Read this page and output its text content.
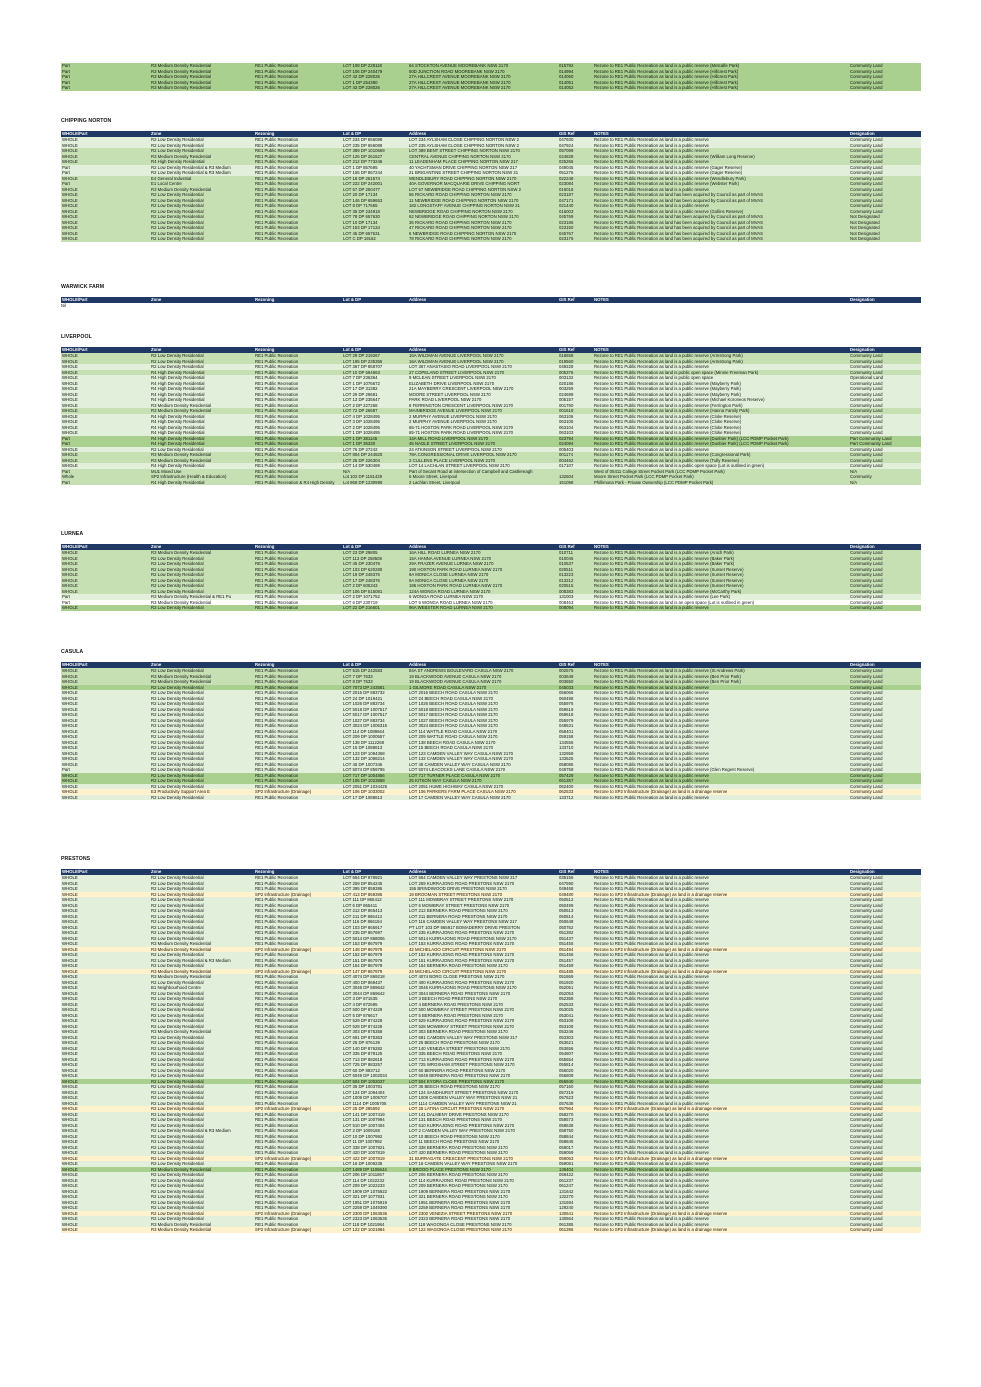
Part	R3 Medium Density Residential	RE1 Public Recreation	LOT 108 DP 228118	64 STOCKTON AVENUE MOOREBANK NSW 2170	015792	Rezone to RE1 Public Recreation as land is a public reserve (Metcalfe Park)	Community Land
Part	R3 Medium Density Residential	RE1 Public Recreation	LOT 106 DP 240479	50D JUNCTION ROAD MOOREBANK NSW 2170	014994	Rezone to RE1 Public Recreation as land is a public reserve (Hillcrest Park)	Community Land
Part	R3 Medium Density Residential	RE1 Public Recreation	LOT 42 DP 228026	27A HILLCREST AVENUE MOOREBANK NSW 2170	014050	Rezone to RE1 Public Recreation as land is a public reserve (Hillcrest Park)	Community Land
Part	R3 Medium Density Residential	RE1 Public Recreation	LOT 1 DP 254380	27A HILLCREST AVENUE MOOREBANK NSW 2170	014051	Rezone to RE1 Public Recreation as land is a public reserve (Hillcrest Park)	Community Land
Part	R3 Medium Density Residential	RE1 Public Recreation	LOT 43 DP 228026	27A HILLCREST AVENUE MOOREBANK NSW 2170	014052	Rezone to RE1 Public Recreation as land is a public reserve (Hillcrest Park)	Community Land
CHIPPING NORTON
WHOLE/Part	Zone	Rezoning	Lot & DP	Address	GIS Ref	NOTES	Designation
WHOLE	R2 Low Density Residential	RE1 Public Recreation	LOT 234 DP 656088	LOT 234 AYLSHAM CLOSE CHIPPING NORTON NSW 2	047930	Rezone to RE1 Public Recreation as land is a public reserve	Community Land
WHOLE	R2 Low Density Residential	RE1 Public Recreation	LOT 235 DP 656088	LOT 235 AYLSHAM CLOSE CHIPPING NORTON NSW 2	047924	Rezone to RE1 Public Recreation as land is a public reserve	Community Land
WHOLE	R2 Low Density Residential	RE1 Public Recreation	LOT 389 DP 1010669	LOT 389 BENT STREET CHIPPING NORTON NSW 2170	057099	Rezone to RE1 Public Recreation as land is a public reserve	Community Land
WHOLE	R3 Medium Density Residential	RE1 Public Recreation	LOT 126 DP 261527	CENTRAL AVENUE CHIPPING NORTON NSW 2170	024828	Rezone to RE1 Public Recreation as land is a public reserve (William Long Reserve)	Community Land
WHOLE	R4 High Density Residential	RE1 Public Recreation	LOT 212 DP 773246	11 LEADENHAM PLACE CHIPPING NORTON NSW 217	025266	Rezone to RE1 Public Recreation as land is a public reserve	Community Land
Part	R2 Low Density Residential & R3 Medium	RE1 Public Recreation	LOT 1 DP 857695	40 YACHTSMAN DRIVE CHIPPING NORTON NSW 217	049045	Rezone to RE1 Public Recreation as land is a public reserve (Gager Reserve)	Community Land
Part	R2 Low Density Residential & R3 Medium	RE1 Public Recreation	LOT 155 DP 867244	21 BRIGANTINE STREET CHIPPING NORTON NSW 21	051276	Rezone to RE1 Public Recreation as land is a public reserve (Gager Reserve)	Community Land
WHOLE	E4 General Industrial	RE1 Public Recreation	LOT 18 DP 261574	WENDLEBURY ROAD CHIPPING NORTON NSW 2170	022248	Rezone to RE1 Public Recreation as land is a public reserve (Wendlebury Park)	Community Land
Part	E1 Local Centre	RE1 Public Recreation	LOT 222 DP 242001	40A GOVERNOR MACQUARIE DRIVE CHIPPING NORT	023084	Rezone to RE1 Public Recreation as land is a public reserve (Webster Park)	Community Land
WHOLE	R3 Medium Density Residential	RE1 Public Recreation	LOT 57 DP 250477	LOT 57 NEWBRIDGE ROAD CHIPPING NORTON NSW 2	016018	Rezone to RE1 Public Recreation as land is a public reserve	Community Land
WHOLE	R2 Low Density Residential	RE1 Public Recreation	LOT 20 DP 17134	56 RICKARD ROAD CHIPPING NORTON NSW 2170	023187	Rezone to RE1 Public Recreation as land has been acquired by Council as part of MVAS	Community Land
WHOLE	R2 Low Density Residential	RE1 Public Recreation	LOT 146 DP 659653	11 NEWBRIDGE ROAD CHIPPING NORTON NSW 2170	047171	Rezone to RE1 Public Recreation as land has been acquired by Council as part of MVAS	Community Land
WHOLE	R2 Low Density Residential	RE1 Public Recreation	LOT 8 DP 717665	182 LONGSTAFF AVENUE CHIPPING NORTON NSW 21	021440	Rezone to RE1 Public Recreation as land is a public reserve	Community Land
WHOLE	R2 Low Density Residential	RE1 Public Recreation	LOT 35 DP 234918	NEWBRIDGE ROAD CHIPPING NORTON NSW 2170	016003	Rezone to RE1 Public Recreation as land is a public reserve (Gollins Reserve)	Community Land
WHOLE	R2 Low Density Residential	RE1 Public Recreation	LOT 78 DP 657630	62 NEWBRIDGE ROAD CHIPPING NORTON NSW 2170	045769	Rezone to RE1 Public Recreation as land has been acquired by Council as part of MVAS	Not Designated
WHOLE	R2 Low Density Residential	RE1 Public Recreation	LOT 10 DP 17134	36 RICKARD ROAD CHIPPING NORTON NSW 2170	023186	Rezone to RE1 Public Recreation as land has been acquired by Council as part of MVAS	Not Designated
WHOLE	R2 Low Density Residential	RE1 Public Recreation	LOT 153 DP 17134	47 RICKARD ROAD CHIPPING NORTON NSW 2170	023150	Rezone to RE1 Public Recreation as land has been acquired by Council as part of MVAS	Not Designated
WHOLE	R2 Low Density Residential	RE1 Public Recreation	LOT 45 DP 657631	6 NEWBRIDGE ROAD CHIPPING NORTON NSW 2170	045767	Rezone to RE1 Public Recreation as land has been acquired by Council as part of MVAS	Not Designated
WHOLE	R2 Low Density Residential	RE1 Public Recreation	LOT C DP 19162	78 RICKARD ROAD CHIPPING NORTON NSW 2170	023176	Rezone to RE1 Public Recreation as land has been acquired by Council as part of MVAS	Not Designated
WARWICK FARM
WHOLE/Part	Zone	Rezoning	Lot & DP	Address	GIS Ref	NOTES	Designation
Nil
LIVERPOOL
WHOLE/Part	Zone	Rezoning	Lot & DP	Address	GIS Ref	NOTES	Designation
WHOLE	R2 Low Density Residential	RE1 Public Recreation	LOT 29 DP 219267	16A WILDMAN AVENUE LIVERPOOL NSW 2170	018658	Rezone to RE1 Public Recreation as land is a public reserve (Armstrong Park)	Community Land
WHOLE	R2 Low Density Residential	RE1 Public Recreation	LOT 195 DP 235355	16A WILDMAN AVENUE LIVERPOOL NSW 2170	019560	Rezone to RE1 Public Recreation as land is a public reserve (Armstrong Park)	Community Land
WHOLE	R2 Low Density Residential	RE1 Public Recreation	LOT 367 DP 858707	LOT 367 ANASTASIO ROAD LIVERPOOL NSW 2170	049228	Rezone to RE1 Public Recreation as land is a public reserve	Community Land
WHOLE	R4 High Density Residential	RE1 Public Recreation	LOT 10 DP 594663	27 COPELAND STREET LIVERPOOL NSW 2170	005376	Rezone to RE1 Public Recreation as land is public open space (Minnie Freeman Park)	Community Land
WHOLE	R4 High Density Residential	RE1 Public Recreation	LOT 7 DP 236364	9 MCLEAN STREET LIVERPOOL NSW 2170	003132	Rezone to RE1 Public Recreation as land is public open space	Operational Land
WHOLE	R4 High Density Residential	RE1 Public Recreation	LOT 1 DP 1076672	ELIZABETH DRIVE LIVERPOOL NSW 2170	020186	Rezone to RE1 Public Recreation as land is a public reserve (Mayberry Park)	Community Land
WHOLE	R4 High Density Residential	RE1 Public Recreation	LOT 17 DP 31382	21A MAYBERRY CRESCENT LIVERPOOL NSW 2170	003259	Rezone to RE1 Public Recreation as land is a public reserve (Mayberry Park)	Community Land
WHOLE	R4 High Density Residential	RE1 Public Recreation	LOT 29 DP 29681	MOORE STREET LIVERPOOL NSW 2170	024689	Rezone to RE1 Public Recreation as land is a public reserve (Mayberry Park)	Community Land
WHOLE	R4 High Density Residential	RE1 Public Recreation	LOT 13 DP 235647	PARK ROAD LIVERPOOL NSW 2170	005157	Rezone to RE1 Public Recreation as land is a public reserve (Michael Koroneos Reserve)	Community Land
WHOLE	R3 Medium Density Residential	RE1 Public Recreation	LOT 2 DP 227268	8 FERRINGTON CRESCENT LIVERPOOL NSW 2170	001790	Rezone to RE1 Public Recreation as land is a public reserve (Ferrington Park)	Community Land
WHOLE	R3 Medium Density Residential	RE1 Public Recreation	LOT 72 DP 26687	MAINBRIDGE AVENUE LIVERPOOL NSW 2170	001618	Rezone to RE1 Public Recreation as land is a public reserve (Hanna Family Park)	Community Land
WHOLE	R4 High Density Residential	RE1 Public Recreation	LOT 4 DP 1028495	2 MURPHY AVENUE LIVERPOOL NSW 2170	063106	Rezone to RE1 Public Recreation as land is a public reserve (Cloke Reserve)	Community Land
WHOLE	R4 High Density Residential	RE1 Public Recreation	LOT 3 DP 1028495	2 MURPHY AVENUE LIVERPOOL NSW 2170	063105	Rezone to RE1 Public Recreation as land is a public reserve (Cloke Reserve)	Community Land
WHOLE	R4 High Density Residential	RE1 Public Recreation	LOT 2 DP 1028495	65-71 HOXTON PARK ROAD LIVERPOOL NSW 2170	063104	Rezone to RE1 Public Recreation as land is a public reserve (Cloke Reserve)	Community Land
WHOLE	R4 High Density Residential	RE1 Public Recreation	LOT 1 DP 1028495	65-71 HOXTON PARK ROAD LIVERPOOL NSW 2170	063103	Rezone to RE1 Public Recreation as land is a public reserve (Cloke Reserve)	Community Land
Part	R4 High Density Residential	RE1 Public Recreation	LOT 1 DP 381145	14A MILL ROAD LIVERPOOL NSW 2170	023794	Rezone to RE1 Public Recreation as land is a public reserve (Dunbier Park) (LCC PDMP Pocket Park)	Part Community Land
Part	R4 High Density Residential	RE1 Public Recreation	LOT 1 DP 35330	45 NAGLE STREET LIVERPOOL NSW 2170	024094	Rezone to RE1 Public Recreation as land is a public reserve (Dunbier Park) (LCC PDMP Pocket Park)	Part Community Land
WHOLE	R2 Low Density Residential	RE1 Public Recreation	LOT 76 DP 27242	24 ATKINSON STREET LIVERPOOL NSW 2170	005403	Rezone to RE1 Public Recreation as land is a public reserve	Community Land
WHOLE	R3 Medium Density Residential	RE1 Public Recreation	LOT 804 DP 244820	78A CONGRESSIONAL DRIVE LIVERPOOL NSW 2170	001174	Rezone to RE1 Public Recreation as land is a public reserve (Congressional Park)	Community Land
WHOLE	R3 Medium Density Residential	RE1 Public Recreation	LOT 25 DP 226304	2 CULLENS PLACE LIVERPOOL NSW 2170	004462	Rezone to RE1 Public Recreation as land is a public reserve (Tully Reserve)	Community Land
WHOLE	R4 High Density Residential	RE1 Public Recreation	LOT 14 DP 530489	LOT 14 LACHLAN STREET LIVERPOOL NSW 2170	017107	Rezone to RE1 Public Recreation as land is a public open space (Lot is outlined in green)	Community Land
Part	MU1 Mixed Use	RE1 Public Recreation	N/A	Part of Secant Road at intersection of Campbell and Castlereagh		West of 05411 College Street Pocket Park (LCC PDMP Pocket Park)	N/A
Whole	SP2 Infrastructure (Health & Education)	RE1 Public Recreation	Lot 102 DP 1151429	6 Moore Street, Liverpool	132604	Moore Street Pocket Park (LCC PDMP Pocket Park)	Community
Part	R4 High Density Residential	RE1 Public Recreation & R4 High Density	Lot 868 DP 1230989	2 Lachlan Street, Liverpool	151098	Phillimona Park - Private Ownership (LCC PDMP Pocket Park)	N/A
LURNEA
WHOLE/Part	Zone	Rezoning	Lot & DP	Address	GIS Ref	NOTES	Designation
WHOLE	R3 Medium Density Residential	RE1 Public Recreation	LOT 23 DP 29805	16A HILL ROAD LURNEA NSW 2170	010711	Rezone to RE1 Public Recreation as land is a public reserve (Anich Park)	Community Land
WHOLE	R2 Low Density Residential	RE1 Public Recreation	LOT 113 DP 258508	15A HANNA AVENUE LURNEA NSW 2170	010046	Rezone to RE1 Public Recreation as land is a public reserve (Baker Park)	Community Land
WHOLE	R2 Low Density Residential	RE1 Public Recreation	LOT 45 DP 230478	29A FRAZER AVENUE LURNEA NSW 2170	010537	Rezone to RE1 Public Recreation as land is a public reserve (Baker Park)	Community Land
WHOLE	R2 Low Density Residential	RE1 Public Recreation	LOT 103 DP 620280	190 HOXTON PARK ROAD LURNEA NSW 2170	020511	Rezone to RE1 Public Recreation as land is a public reserve (Sunset Reserve)	Community Land
WHOLE	R2 Low Density Residential	RE1 Public Recreation	LOT 19 DP 248376	9A MONICA CLOSE LURNEA NSW 2170	013223	Rezone to RE1 Public Recreation as land is a public reserve (Sunset Reserve)	Community Land
WHOLE	R2 Low Density Residential	RE1 Public Recreation	LOT 17 DP 248376	9A MONICA CLOSE LURNEA NSW 2170	013212	Rezone to RE1 Public Recreation as land is a public reserve (Sunset Reserve)	Community Land
WHOLE	R2 Low Density Residential	RE1 Public Recreation	LOT 2 DP 605343	186 HOXTON PARK ROAD LURNEA NSW 2170	020515	Rezone to RE1 Public Recreation as land is a public reserve (Sunset Reserve)	Community Land
WHOLE	R2 Low Density Residential	RE1 Public Recreation	LOT 106 DP 515081	124A WONGA ROAD LURNEA NSW 2170	008383	Rezone to RE1 Public Recreation as land is a public reserve (McCarthy Park)	Community Land
Part	R3 Medium Density Residential & RE1 Pu	RE1 Public Recreation	LOT 2 DP 1071752	6 WONGA ROAD LURNEA NSW 2170	131003	Rezone to RE1 Public Recreation as land is a public reserve (Lee Park)	Community Land
Part	R3 Medium Density Residential	RE1 Public Recreation	LOT 6 DP 230719	LOT 6 WONGA ROAD LURNEA NSW 2170	008463	Rezone to RE1 Public Recreation as land is an open space (Lot is outlined in green)	Community Land
WHOLE	R2 Low Density Residential	RE1 Public Recreation	LOT 22 DP 216601	96A WEBSTER ROAD LURNEA NSW 2170	008094	Rezone to RE1 Public Recreation as land is a public reserve	Community Land
CASULA
WHOLE/Part	Zone	Rezoning	Lot & DP	Address	GIS Ref	NOTES	Designation
WHOLE	R2 Low Density Residential	RE1 Public Recreation	LOT 515 DP 242583	84A ST ANDREWS BOULEVARD CASULA NSW 2170	002575	Rezone to RE1 Public Recreation as land is a public reserve (St Andrews Park)	Community Land
WHOLE	R3 Medium Density Residential	RE1 Public Recreation	LOT 7 DP 7633	19 BLACKWOOD AVENUE CASULA NSW 2170	003649	Rezone to RE1 Public Recreation as land is a public reserve (Ben Prior Park)	Community Land
WHOLE	R3 Medium Density Residential	RE1 Public Recreation	LOT 8 DP 7633	19 BLACKWOOD AVENUE CASULA NSW 2170	003650	Rezone to RE1 Public Recreation as land is a public reserve (Ben Prior Park)	Community Land
WHOLE	R2 Low Density Residential	RE1 Public Recreation	LOT 7073 DP 243581	1 GILMORE ROAD CASULA NSW 2170	045033	Rezone to RE1 Public Recreation as land is a public reserve	Community Land
WHOLE	R2 Low Density Residential	RE1 Public Recreation	LOT 2016 DP 883732	LOT 2016 BEECH ROAD CASULA NSW 2170	056066	Rezone to RE1 Public Recreation as land is a public reserve	Community Land
WHOLE	R2 Low Density Residential	RE1 Public Recreation	LOT 24 DP 1019421	LOT 24 BEECH ROAD CASULA NSW 2170	060498	Rezone to RE1 Public Recreation as land is a public reserve	Community Land
WHOLE	R2 Low Density Residential	RE1 Public Recreation	LOT 1026 DP 883734	LOT 1026 BEECH ROAD CASULA NSW 2170	055976	Rezone to RE1 Public Recreation as land is a public reserve	Community Land
WHOLE	R2 Low Density Residential	RE1 Public Recreation	LOT 5018 DP 1007517	LOT 5018 BEECH ROAD CASULA NSW 2170	059619	Rezone to RE1 Public Recreation as land is a public reserve	Community Land
WHOLE	R2 Low Density Residential	RE1 Public Recreation	LOT 5017 DP 1007517	LOT 5017 BEECH ROAD CASULA NSW 2170	059618	Rezone to RE1 Public Recreation as land is a public reserve	Community Land
WHOLE	R2 Low Density Residential	RE1 Public Recreation	LOT 1027 DP 883734	LOT 1027 BEECH ROAD CASULA NSW 2170	055979	Rezone to RE1 Public Recreation as land is a public reserve	Community Land
WHOLE	R2 Low Density Residential	RE1 Public Recreation	LOT 3024 DP 1005315	LOT 3024 BEECH ROAD CASULA NSW 2170	048531	Rezone to RE1 Public Recreation as land is a public reserve	Community Land
WHOLE	R2 Low Density Residential	RE1 Public Recreation	LOT 114 DP 1089664	LOT 114 WATTLE ROAD CASULA NSW 2170	058401	Rezone to RE1 Public Recreation as land is a public reserve	Community Land
WHOLE	R2 Low Density Residential	RE1 Public Recreation	LOT 209 DP 1000557	LOT 209 WATTLE ROAD CASULA NSW 2170	059158	Rezone to RE1 Public Recreation as land is a public reserve	Community Land
WHOLE	R2 Low Density Residential	RE1 Public Recreation	LOT 138 DP 1112268	LOT 138 BEECH ROAD CASULA NSW 2170	134556	Rezone to RE1 Public Recreation as land is a public reserve	Community Land
WHOLE	R2 Low Density Residential	RE1 Public Recreation	LOT 15 DP 1088613	LOT 15 BEECH ROAD CASULA NSW 2170	133710	Rezone to RE1 Public Recreation as land is a public reserve	Community Land
WHOLE	R2 Low Density Residential	RE1 Public Recreation	LOT 123 DP 1094368	LOT 123 CAMDEN VALLEY WAY CASULA NSW 2170	132959	Rezone to RE1 Public Recreation as land is a public reserve	Community Land
WHOLE	R2 Low Density Residential	RE1 Public Recreation	LOT 132 DP 1098214	LOT 132 CAMDEN VALLEY WAY CASULA NSW 2170	133525	Rezone to RE1 Public Recreation as land is a public reserve	Community Land
WHOLE	R2 Low Density Residential	RE1 Public Recreation	LOT 45 DP 1007346	LOT 45 CAMDEN VALLEY WAY CASULA NSW 2170	058085	Rezone to RE1 Public Recreation as land is a public reserve	Community Land
Part	R2 Low Density Residential	RE1 Public Recreation	LOT 5074 DP 859795	LOT 5074 LEACOCKS LANE CASULA NSW 2170	049759	Rezone to RE1 Public Recreation as land is a public reserve (Glen Regent Reserve)	Community Land
WHOLE	R2 Low Density Residential	RE1 Public Recreation	LOT 717 DP 1004856	LOT 717 TURNER PLACE CASULA NSW 2170	057429	Rezone to RE1 Public Recreation as land is a public reserve	Community Land
WHOLE	R2 Low Density Residential	RE1 Public Recreation	LOT 105 DP 1023868	25 KITSON WAY CASULA NSW 2170	061357	Rezone to RE1 Public Recreation as land is a public reserve	Community Land
WHOLE	R2 Low Density Residential	RE1 Public Recreation	LOT 2051 DP 1034425	LOT 2051 HUME HIGHWAY CASULA NSW 2170	062400	Rezone to RE1 Public Recreation as land is a public reserve	Community Land
WHOLE	E3 Productivity Support Area E	SP2 Infrastructure (Drainage)	LOT 106 DP 1033002	LOT 106 PARKERS FARM PLACE CASULA NSW 2170	062533	Rezone to SP2 Infrastructure (Drainage) as land is a drainage reserve	Community Land
WHOLE	R2 Low Density Residential	RE1 Public Recreation	LOT 17 DP 1088613	LOT 17 CAMDEN VALLEY WAY CASULA NSW 2170	133712	Rezone to RE1 Public Recreation as land is a public reserve	Community Land
PRESTONS
WHOLE/Part	Zone	Rezoning	Lot & DP	Address	GIS Ref	NOTES	Designation
WHOLE	R2 Low Density Residential	RE1 Public Recreation	LOT 664 DP 878921	LOT 664 CAMDEN VALLEY WAY PRESTONS NSW 217	035156	Rezone to RE1 Public Recreation as land is a public reserve	Community Land
WHOLE	R2 Low Density Residential	RE1 Public Recreation	LOT 259 DP 854245	LOT 259 KURRAJONG ROAD PRESTONS NSW 2170	047590	Rezone to RE1 Public Recreation as land is a public reserve	Community Land
WHOLE	R2 Low Density Residential	RE1 Public Recreation	LOT 395 DP 859395	155 BRINDIWOOD DRIVE PRESTONS NSW 2170	049468	Rezone to RE1 Public Recreation as land is a public reserve	Community Land
WHOLE	R2 Low Density Residential	SP2 Infrastructure (Drainage)	LOT 413 DP 859395	19 BROOMAN STREET PRESTONS NSW 2170	049480	Rezone to SP2 Infrastructure (Drainage) as land is a drainage reserve	Community Land
WHOLE	R2 Low Density Residential	RE1 Public Recreation	LOT 111 DP 865412	LOT 111 MOWBRAY STREET PRESTONS NSW 2170	050512	Rezone to RE1 Public Recreation as land is a public reserve	Community Land
WHOLE	R2 Low Density Residential	RE1 Public Recreation	LOT 6 DP 865411	LOT 6 MOWBRAY STREET PRESTONS NSW 2170	050499	Rezone to RE1 Public Recreation as land is a public reserve	Community Land
WHOLE	R2 Low Density Residential	RE1 Public Recreation	LOT 212 DP 865413	LOT 212 BERNERA ROAD PRESTONS NSW 2170	050513	Rezone to RE1 Public Recreation as land is a public reserve	Community Land
WHOLE	R2 Low Density Residential	RE1 Public Recreation	LOT 211 DP 865413	LOT 211 BERNERA ROAD PRESTONS NSW 2170	050514	Rezone to RE1 Public Recreation as land is a public reserve	Community Land
WHOLE	R2 Low Density Residential	RE1 Public Recreation	LOT 116 DP 866154	LOT 116 CAMDEN VALLEY WAY PRESTONS NSW 217	050648	Rezone to RE1 Public Recreation as land is a public reserve	Community Land
WHOLE	R2 Low Density Residential	RE1 Public Recreation	LOT 103 DP 865917	PT LOT 103 DP 865917 BOMADERRY DRIVE PRESTON	050762	Rezone to RE1 Public Recreation as land is a public reserve	Community Land
WHOLE	R2 Low Density Residential	RE1 Public Recreation	LOT 235 DP 867697	LOT 235 KURRAJONG ROAD PRESTONS NSW 2170	051382	Rezone to RE1 Public Recreation as land is a public reserve	Community Land
WHOLE	R2 Low Density Residential	RE1 Public Recreation	LOT 5014 DP 868006	LOT 5014 KURRAJONG ROAD PRESTONS NSW 2170	051437	Rezone to RE1 Public Recreation as land is a public reserve	Community Land
WHOLE	R3 Medium Density Residential	RE1 Public Recreation	LOT 153 DP 867979	LOT 153 KURRAJONG ROAD PRESTONS NSW 2170	051455	Rezone to RE1 Public Recreation as land is a public reserve	Community Land
WHOLE	R3 Medium Density Residential	SP2 Infrastructure (Drainage)	LOT 148 DP 867979	42 MICHELAGO CIRCUIT PRESTONS NSW 2170	051494	Rezone to SP2 Infrastructure (Drainage) as land is a drainage reserve	Community Land
WHOLE	R2 Low Density Residential	RE1 Public Recreation	LOT 152 DP 867979	LOT 152 KURRAJONG ROAD PRESTONS NSW 2170	051456	Rezone to RE1 Public Recreation as land is a public reserve	Community Land
WHOLE	R2 Low Density Residential & R3 Medium	RE1 Public Recreation	LOT 151 DP 867979	LOT 151 KURRAJONG ROAD PRESTONS NSW 2170	051457	Rezone to RE1 Public Recreation as land is a public reserve	Community Land
WHOLE	R2 Low Density Residential	RE1 Public Recreation	LOT 154 DP 867979	LOT 154 BERNERA ROAD PRESTONS NSW 2170	051459	Rezone to RE1 Public Recreation as land is a public reserve	Community Land
WHOLE	R3 Medium Density Residential	SP2 Infrastructure (Drainage)	LOT 147 DP 867979	24 MICHELAGO CIRCUIT PRESTONS NSW 2170	051485	Rezone to SP2 Infrastructure (Drainage) as land is a drainage reserve	Community Land
WHOLE	R3 Medium Density Residential	RE1 Public Recreation	LOT 4074 DP 869218	LOT 4074 BORG CLOSE PRESTONS NSW 2170	051869	Rezone to RE1 Public Recreation as land is a public reserve	Community Land
WHOLE	R2 Low Density Residential	RE1 Public Recreation	LOT 400 DP 869437	LOT 400 KURRAJONG ROAD PRESTONS NSW 2170	051920	Rezone to RE1 Public Recreation as land is a public reserve	Community Land
WHOLE	B1 Neighbourhood Centre	RE1 Public Recreation	LOT 3046 DP 869642	LOT 3046 KURRAJONG ROAD PRESTONS NSW 2170	052051	Rezone to RE1 Public Recreation as land is a public reserve	Community Land
WHOLE	R2 Low Density Residential	RE1 Public Recreation	LOT 3044 DP 869642	LOT 3044 BERNERA ROAD PRESTONS NSW 2170	052053	Rezone to RE1 Public Recreation as land is a public reserve	Community Land
WHOLE	R2 Low Density Residential	RE1 Public Recreation	LOT 3 DP 871535	LOT 3 BEECH ROAD PRESTONS NSW 2170	052358	Rezone to RE1 Public Recreation as land is a public reserve	Community Land
WHOLE	R2 Low Density Residential	RE1 Public Recreation	LOT 4 DP 872695	LOT 4 BERNERA ROAD PRESTONS NSW 2170	052533	Rezone to RE1 Public Recreation as land is a public reserve	Community Land
WHOLE	R2 Low Density Residential	RE1 Public Recreation	LOT 500 DP 874229	LOT 500 MOWBRAY STREET PRESTONS NSW 2170	053025	Rezone to RE1 Public Recreation as land is a public reserve	Community Land
WHOLE	R2 Low Density Residential	RE1 Public Recreation	LOT 5 DP 876617	LOT 5 BERNERA ROAD PRESTONS NSW 2170	053041	Rezone to RE1 Public Recreation as land is a public reserve	Community Land
WHOLE	R2 Low Density Residential	RE1 Public Recreation	LOT 529 DP 874228	LOT 529 KURRAJONG ROAD PRESTONS NSW 2170	053109	Rezone to RE1 Public Recreation as land is a public reserve	Community Land
WHOLE	R2 Low Density Residential	RE1 Public Recreation	LOT 528 DP 874228	LOT 528 MOWBRAY STREET PRESTONS NSW 2170	053108	Rezone to RE1 Public Recreation as land is a public reserve	Community Land
WHOLE	R3 Medium Density Residential	RE1 Public Recreation	LOT 303 DP 875358	LOT 303 BERNERA ROAD PRESTONS NSW 2170	053246	Rezone to RE1 Public Recreation as land is a public reserve	Community Land
WHOLE	R2 Low Density Residential	RE1 Public Recreation	LOT 691 DP 875363	LOT 691 CAMDEN VALLEY WAY PRESTONS NSW 217	053303	Rezone to RE1 Public Recreation as land is a public reserve	Community Land
WHOLE	R2 Low Density Residential	RE1 Public Recreation	LOT 25 DP 876139	LOT 25 BEECH ROAD PRESTONS NSW 2170	053621	Rezone to RE1 Public Recreation as land is a public reserve	Community Land
WHOLE	R2 Low Density Residential	RE1 Public Recreation	LOT 140 DP 876282	LOT 140 VENEZIA STREET PRESTONS NSW 2170	053656	Rezone to RE1 Public Recreation as land is a public reserve	Community Land
WHOLE	R2 Low Density Residential	RE1 Public Recreation	LOT 335 DP 879125	LOT 335 BEECH ROAD PRESTONS NSW 2170	054807	Rezone to RE1 Public Recreation as land is a public reserve	Community Land
WHOLE	R2 Low Density Residential	RE1 Public Recreation	LOT 713 DP 882618	LOT 713 KURRAJONG ROAD PRESTONS NSW 2170	055654	Rezone to RE1 Public Recreation as land is a public reserve	Community Land
WHOLE	R2 Low Density Residential	RE1 Public Recreation	LOT 725 DP 883257	LOT 725 WROXHAM STREET PRESTONS NSW 2170	055814	Rezone to RE1 Public Recreation as land is a public reserve	Community Land
WHOLE	R2 Low Density Residential	RE1 Public Recreation	LOT 60 DP 883712	LOT 60 BERNERA ROAD PRESTONS NSW 2170	056020	Rezone to RE1 Public Recreation as land is a public reserve	Community Land
WHOLE	R2 Low Density Residential	RE1 Public Recreation	LOT 6049 DP 1002034	LOT 6049 BERNERA ROAD PRESTONS NSW 2170	056808	Rezone to RE1 Public Recreation as land is a public reserve	Community Land
WHOLE	R2 Low Density Residential	RE1 Public Recreation	LOT 504 DP 1002037	LOT 504 KYORA CLOSE PRESTONS NSW 2170	056940	Rezone to RE1 Public Recreation as land is a public reserve	Community Land
WHOLE	R2 Low Density Residential	RE1 Public Recreation	LOT 35 DP 1003781	LOT 35 BEECH ROAD PRESTONS NSW 2170	057160	Rezone to RE1 Public Recreation as land is a public reserve	Community Land
WHOLE	R2 Low Density Residential	RE1 Public Recreation	LOT 124 DP 1094404	LOT 124 SANDHURST STREET PRESTONS NSW 2170	057219	Rezone to RE1 Public Recreation as land is a public reserve	Community Land
WHOLE	R2 Low Density Residential	RE1 Public Recreation	LOT 1009 DP 1005707	LOT 1009 CAMDEN VALLEY WAY PRESTONS NSW 21	057623	Rezone to RE1 Public Recreation as land is a public reserve	Community Land
WHOLE	R2 Low Density Residential	RE1 Public Recreation	LOT 1114 DP 1005705	LOT 1114 CAMDEN VALLEY WAY PRESTONS NSW 21	057638	Rezone to RE1 Public Recreation as land is a public reserve	Community Land
WHOLE	R2 Low Density Residential	SP2 Infrastructure (Drainage)	LOT 25 DP 285592	LOT 25 LATINA CIRCUIT PRESTONS NSW 2170	057964	Rezone to SP2 Infrastructure (Drainage) as land is a drainage reserve	Community Land
WHOLE	R2 Low Density Residential	RE1 Public Recreation	LOT 141 DP 1007419	LOT 141 DALMENY DRIVE PRESTONS NSW 2170	058270	Rezone to RE1 Public Recreation as land is a public reserve	Community Land
WHOLE	R2 Low Density Residential	RE1 Public Recreation	LOT 131 DP 1007994	LOT 131 BEECH ROAD PRESTONS NSW 2170	058573	Rezone to RE1 Public Recreation as land is a public reserve	Community Land
WHOLE	R2 Low Density Residential	RE1 Public Recreation	LOT 510 DP 1007404	LOT 510 KURRAJONG ROAD PRESTONS NSW 2170	058638	Rezone to RE1 Public Recreation as land is a public reserve	Community Land
WHOLE	R2 Low Density Residential & R3 Medium	RE1 Public Recreation	LOT 2 DP 1009168	LOT 2 CAMDEN VALLEY WAY PRESTONS NSW 2170	058750	Rezone to RE1 Public Recreation as land is a public reserve	Community Land
WHOLE	R2 Low Density Residential	RE1 Public Recreation	LOT 10 DP 1007992	LOT 10 BEECH ROAD PRESTONS NSW 2170	058844	Rezone to RE1 Public Recreation as land is a public reserve	Community Land
WHOLE	R2 Low Density Residential	RE1 Public Recreation	LOT 11 DP 1007992	LOT 11 BEECH ROAD PRESTONS NSW 2170	058845	Rezone to RE1 Public Recreation as land is a public reserve	Community Land
WHOLE	R2 Low Density Residential	RE1 Public Recreation	LOT 338 DP 1007821	LOT 338 BERNERA ROAD PRESTONS NSW 2170	059017	Rezone to RE1 Public Recreation as land is a public reserve	Community Land
WHOLE	R2 Low Density Residential	RE1 Public Recreation	LOT 420 DP 1007819	LOT 420 BERNERA ROAD PRESTONS NSW 2170	059059	Rezone to RE1 Public Recreation as land is a public reserve	Community Land
WHOLE	R2 Low Density Residential	SP2 Infrastructure (Drainage)	LOT 422 DP 1007819	31 BURRAGATE CRESCENT PRESTONS NSW 2170	059063	Rezone to SP2 Infrastructure (Drainage) as land is a drainage reserve	Community Land
WHOLE	R2 Low Density Residential	RE1 Public Recreation	LOT 16 DP 1009238	LOT 16 CAMDEN VALLEY WAY PRESTONS NSW 2170	059081	Rezone to RE1 Public Recreation as land is a public reserve	Community Land
WHOLE	R3 Medium Density Residential	RE1 Public Recreation	LOT 1489 DP 1106644	8 BROOO PLACE PRESTONS NSW 2170	139404	Rezone to RE1 Public Recreation as land is a public reserve	Community Land
WHOLE	R2 Low Density Residential	RE1 Public Recreation	LOT 206 DP 1011867	LOT 206 BERNERA ROAD PRESTONS NSW 2170	059422	Rezone to RE1 Public Recreation as land is a public reserve	Community Land
WHOLE	R2 Low Density Residential	RE1 Public Recreation	LOT 114 DP 1022232	LOT 114 KURRAJONG ROAD PRESTONS NSW 2170	061237	Rezone to RE1 Public Recreation as land is a public reserve	Community Land
WHOLE	R2 Low Density Residential	RE1 Public Recreation	LOT 209 DP 1022233	LOT 209 BERNERA ROAD PRESTONS NSW 2170	061247	Rezone to RE1 Public Recreation as land is a public reserve	Community Land
WHOLE	R2 Low Density Residential	RE1 Public Recreation	LOT 1909 DP 1075922	LOT 1909 BERNERA ROAD PRESTONS NSW 2170	131642	Rezone to RE1 Public Recreation as land is a public reserve	Community Land
WHOLE	R2 Low Density Residential	RE1 Public Recreation	LOT 321 DP 1077931	LOT 321 BERNERA ROAD PRESTONS NSW 2170	132270	Rezone to RE1 Public Recreation as land is a public reserve	Community Land
WHOLE	R2 Low Density Residential	RE1 Public Recreation	LOT 1951 DP 1075919	LOT 1951 BERNERA ROAD PRESTONS NSW 2170	131694	Rezone to RE1 Public Recreation as land is a public reserve	Community Land
WHOLE	R2 Low Density Residential	RE1 Public Recreation	LOT 2259 DP 1049390	LOT 2259 BERNERA ROAD PRESTONS NSW 2170	129240	Rezone to RE1 Public Recreation as land is a public reserve	Community Land
WHOLE	R2 Low Density Residential	SP2 Infrastructure (Drainage)	LOT 2300 DP 1063536	LOT 2300 VENEZIA STREET PRESTONS NSW 2170	130641	Rezone to SP2 Infrastructure (Drainage) as land is a drainage reserve	Community Land
WHOLE	R2 Low Density Residential	RE1 Public Recreation	LOT 2323 DP 1063536	LOT 2323 BERNERA ROAD PRESTONS NSW 2170	130664	Rezone to RE1 Public Recreation as land is a public reserve	Community Land
WHOLE	R3 Medium Density Residential	RE1 Public Recreation	LOT 118 DP 1021984	LOT 118 WAGONGA CLOSE PRESTONS NSW 2170	061385	Rezone to RE1 Public Recreation as land is a public reserve	Community Land
WHOLE	R3 Medium Density Residential	SP2 Infrastructure (Drainage)	LOT 122 DP 1021984	LOT 122 WAGONGA CLOSE PRESTONS NSW 2170	061396	Rezone to SP2 Infrastructure (Drainage) as land is a drainage reserve	Community Land
